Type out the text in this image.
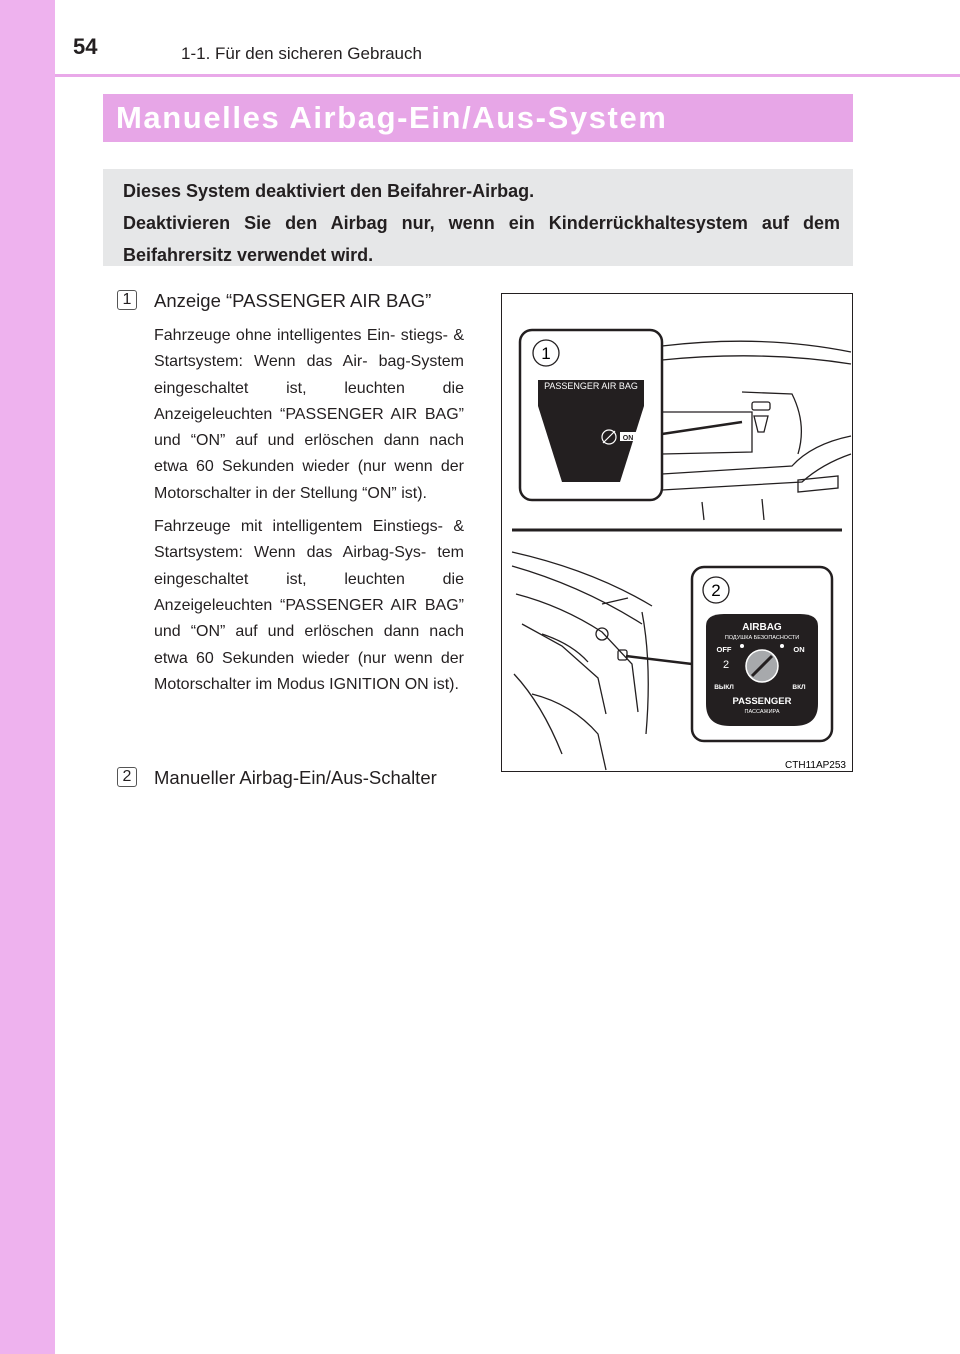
54	1-1. Für den sicheren Gebrauch
Manuelles Airbag-Ein/Aus-System
Dieses System deaktiviert den Beifahrer-Airbag.
Deaktivieren Sie den Airbag nur, wenn ein Kinderrückhaltesystem auf dem Beifahrersitz verwendet wird.
1 Anzeige “PASSENGER AIR BAG”

Fahrzeuge ohne intelligentes Ein- stiegs- & Startsystem: Wenn das Air- bag-System eingeschaltet ist, leuchten die Anzeigeleuchten “PASSENGER AIR BAG” und “ON” auf und erlöschen dann nach etwa 60 Sekunden wieder (nur wenn der Motorschalter in der Stellung “ON” ist).

Fahrzeuge mit intelligentem Einstiegs- & Startsystem: Wenn das Airbag-Sys- tem eingeschaltet ist, leuchten die Anzeigeleuchten “PASSENGER AIR BAG” und “ON” auf und erlöschen dann nach etwa 60 Sekunden wieder (nur wenn der Motorschalter im Modus IGNITION ON ist).

2 Manueller Airbag-Ein/Aus-Schalter
1
PASSENGER AIR BAG
ON
2
AIRBAG
ПОДУШКА БЕЗОПАСНОСТИ
OFF	ON
2
ВЫКЛ	ВКЛ
PASSENGER
ПАССАЖИРА
CTH11AP253
